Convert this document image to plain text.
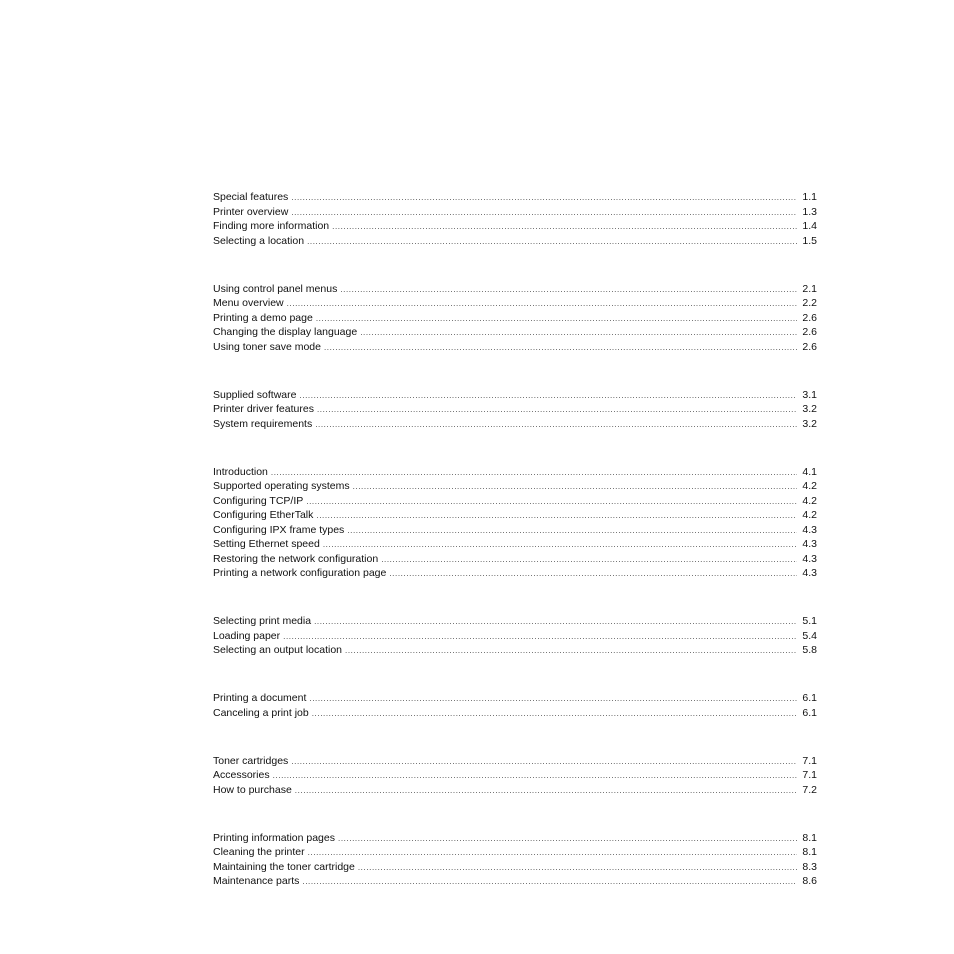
Special features .....	1.1
Printer overview .....	1.3
Finding more information .....	1.4
Selecting a location .....	1.5
Using control panel menus .....	2.1
Menu overview .....	2.2
Printing a demo page .....	2.6
Changing the display language .....	2.6
Using toner save mode .....	2.6
Supplied software .....	3.1
Printer driver features .....	3.2
System requirements .....	3.2
Introduction .....	4.1
Supported operating systems .....	4.2
Configuring TCP/IP .....	4.2
Configuring EtherTalk .....	4.2
Configuring IPX frame types .....	4.3
Setting Ethernet speed .....	4.3
Restoring the network configuration .....	4.3
Printing a network configuration page .....	4.3
Selecting print media .....	5.1
Loading paper .....	5.4
Selecting an output location .....	5.8
Printing a document .....	6.1
Canceling a print job .....	6.1
Toner cartridges .....	7.1
Accessories .....	7.1
How to purchase .....	7.2
Printing information pages .....	8.1
Cleaning the printer .....	8.1
Maintaining the toner cartridge .....	8.3
Maintenance parts .....	8.6
